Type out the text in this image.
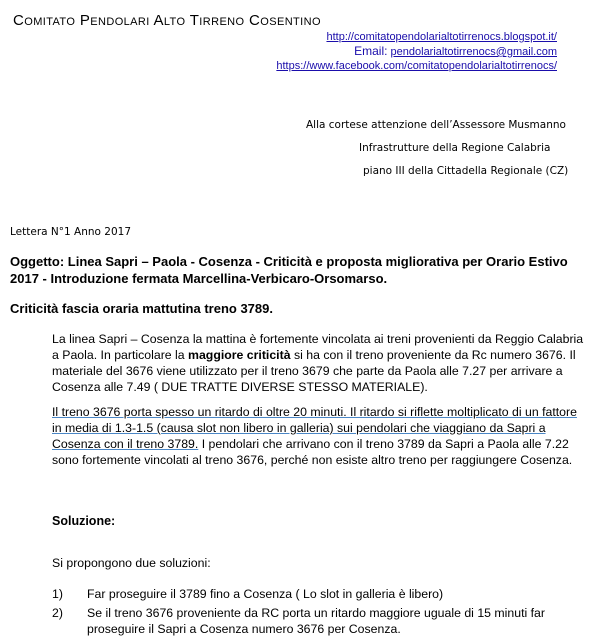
Comitato Pendolari Alto Tirreno Cosentino
http://comitatopendolarialtotirrenocs.blogspot.it/
Email: pendolarialtotirrenocs@gmail.com
https://www.facebook.com/comitatopendolarialtotirrenocs/
Alla cortese attenzione dell’Assessore Musmanno
Infrastrutture della Regione Calabria
piano III della Cittadella Regionale (CZ)
Lettera N°1 Anno 2017
Oggetto: Linea Sapri – Paola - Cosenza - Criticità e proposta migliorativa per Orario Estivo 2017 - Introduzione fermata Marcellina-Verbicaro-Orsomarso.
Criticità fascia oraria mattutina treno 3789.
La linea Sapri – Cosenza la mattina è fortemente vincolata ai treni provenienti da Reggio Calabria a Paola. In particolare la maggiore criticità si ha con il treno proveniente da Rc numero 3676. Il materiale del 3676 viene utilizzato per il treno 3679 che parte da Paola alle 7.27 per arrivare a Cosenza alle 7.49 ( DUE TRATTE DIVERSE STESSO MATERIALE).
Il treno 3676 porta spesso un ritardo di oltre 20 minuti. Il ritardo si riflette moltiplicato di un fattore in media di 1.3-1.5 (causa slot non libero in galleria) sui pendolari che viaggiano da Sapri a Cosenza con il treno 3789. I pendolari che arrivano con il treno 3789 da Sapri a Paola alle 7.22 sono fortemente vincolati al treno 3676, perché non esiste altro treno per raggiungere Cosenza.
Soluzione:
Si propongono due soluzioni:
1) Far proseguire il 3789 fino a Cosenza ( Lo slot in galleria è libero)
2) Se il treno 3676 proveniente da RC porta un ritardo maggiore uguale di 15 minuti far proseguire il Sapri a Cosenza numero 3676 per Cosenza.
